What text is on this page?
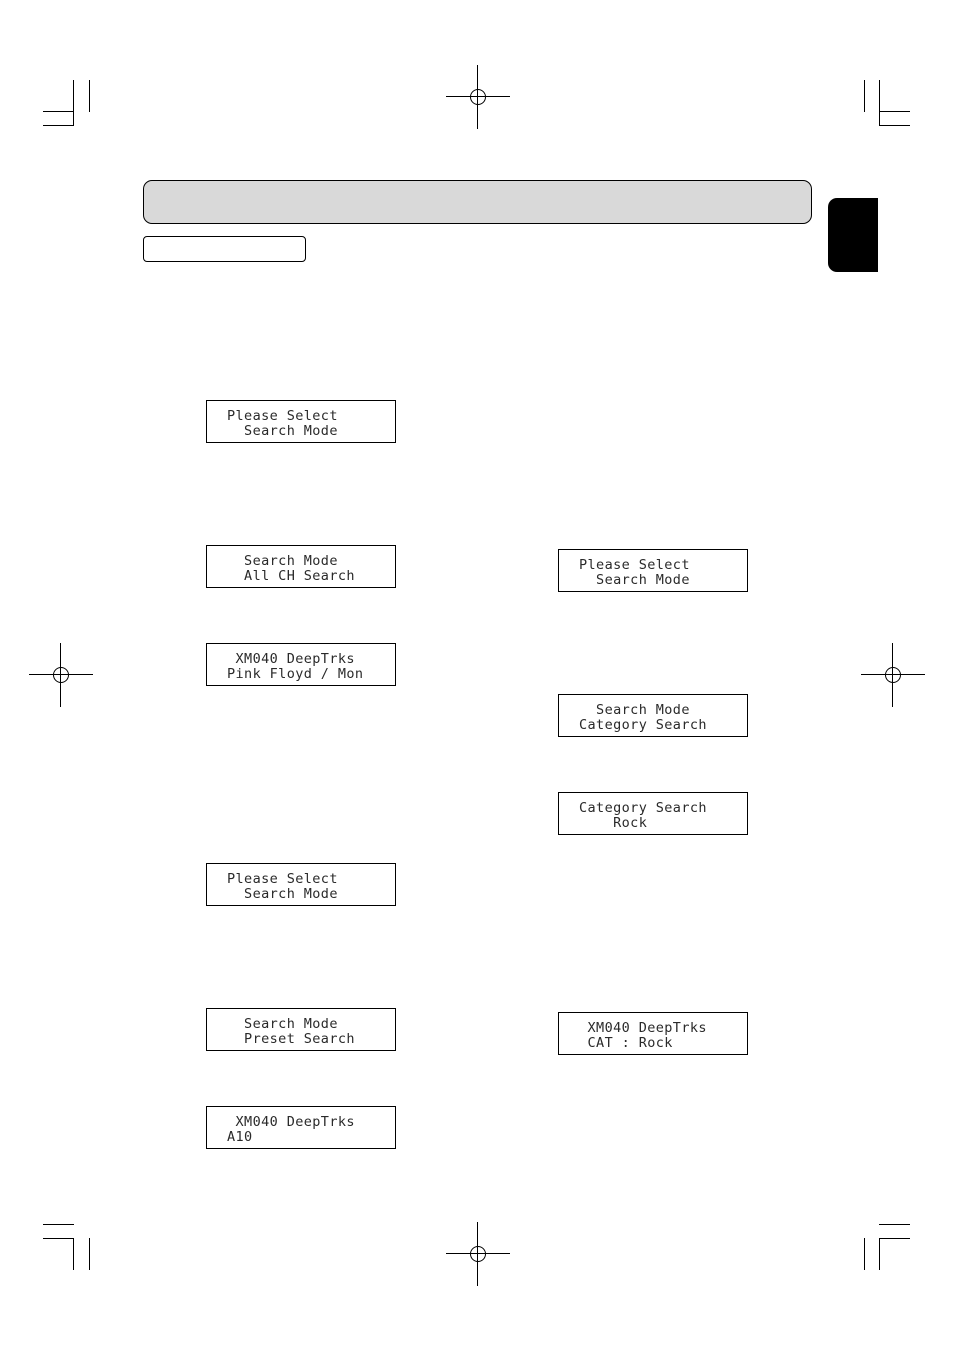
Please Select
Search Mode
Search Mode
All CH Search
XM040 DeepTrks
Pink Floyd / Mon
Please Select
Search Mode
Search Mode
Preset Search
XM040 DeepTrks
A10
Please Select
Search Mode
Search Mode
Category Search
Category Search
Rock
XM040 DeepTrks
CAT : Rock
